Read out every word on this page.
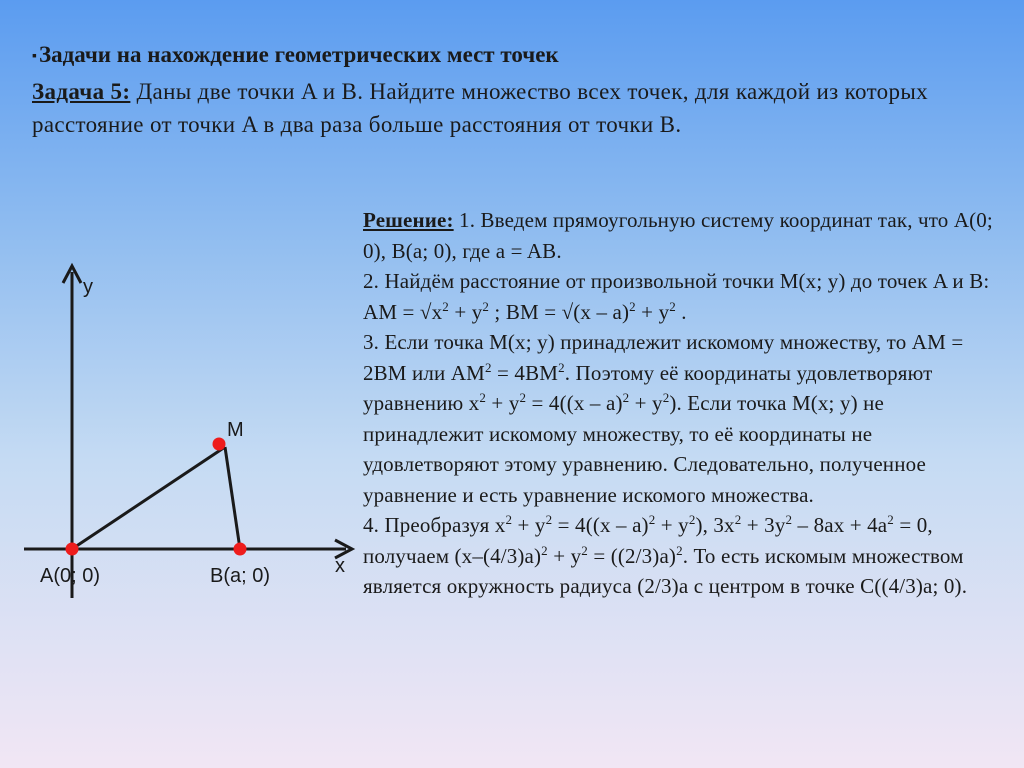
▪ Задачи на нахождение геометрических мест точек
Задача 5: Даны две точки A и B. Найдите множество всех точек, для каждой из которых расстояние от точки A в два раза больше расстояния от точки B.
y
x
A(0; 0)	B(a; 0)
M

Решение: 1. Введем прямоугольную систему координат так, что A(0; 0), B(a; 0), где a = AB.

2. Найдём расстояние от произвольной точки M(x; y) до точек A и B: AM = $√x^2 + y^2$ ; BM = $√(x - a)^2 + y^2$ .

3. Если точка M(x; y) принадлежит искомому множеству, то AM = 2BM или $AM^2 = 4BM^2$. Поэтому её координаты удовлетворяют уравнению $x^2 + y^2 = 4((x - a)^2 + y^2)$. Если точка M(x; y) не принадлежит искомому множеству, то её координаты не удовлетворяют этому уравнению. Следовательно, полученное уравнение и есть уравнение искомого множества.

4. Преобразуя $x^2 + y^2 = 4((x - a)^2 + y^2)$, $3x^2 + 3y^2 - 8ax + 4a^2 = 0$, получаем $(x-(4/3)a)^2 + y^2 = ((2/3)a)^2$. То есть искомым множеством является окружность радиуса (2/3)a с центром в точке C((4/3)a; 0).
